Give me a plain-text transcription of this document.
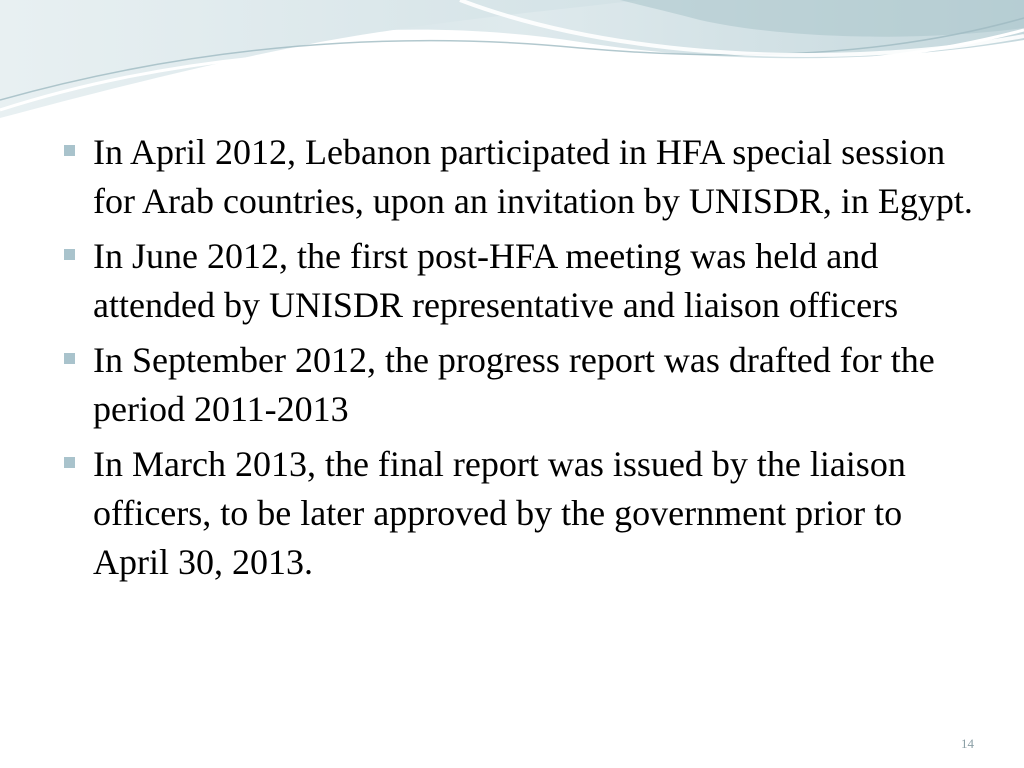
In April 2012, Lebanon participated in HFA special session for Arab countries, upon an invitation by UNISDR, in Egypt.
In June 2012, the first post-HFA meeting was held and attended by UNISDR representative and liaison officers
In September 2012, the progress report was drafted for the period 2011-2013
In March 2013, the final report was issued by the liaison officers, to be later approved by the government prior to April 30, 2013.
14
